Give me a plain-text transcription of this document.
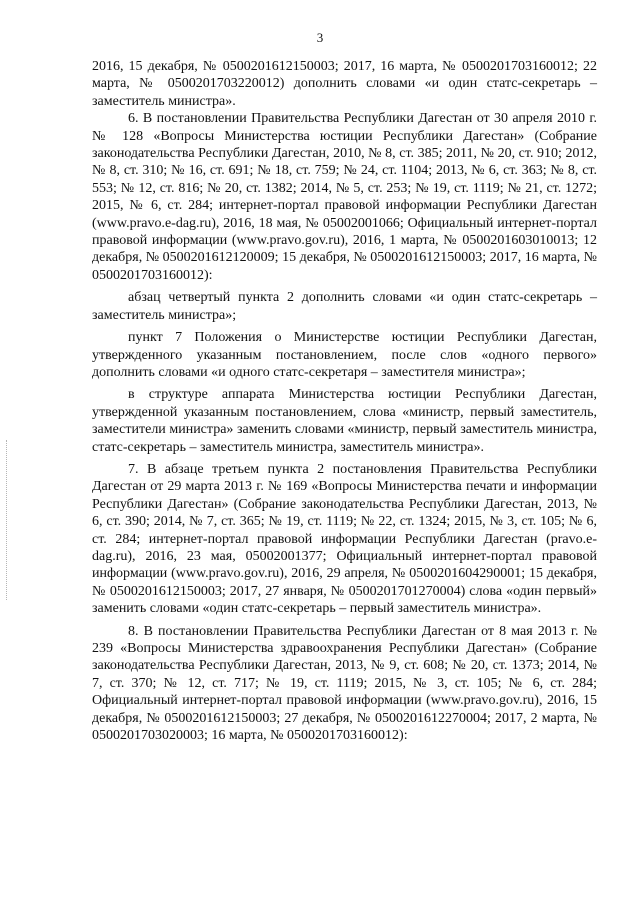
3

2016, 15 декабря, № 0500201612150003; 2017, 16 марта, № 0500201703160012; 22 марта, № 0500201703220012) дополнить словами «и один статс-секретарь – заместитель министра».

6. В постановлении Правительства Республики Дагестан от 30 апреля 2010 г. № 128 «Вопросы Министерства юстиции Республики Дагестан» (Собрание законодательства Республики Дагестан, 2010, № 8, ст. 385; 2011, № 20, ст. 910; 2012, № 8, ст. 310; № 16, ст. 691; № 18, ст. 759; № 24, ст. 1104; 2013, № 6, ст. 363; № 8, ст. 553; № 12, ст. 816; № 20, ст. 1382; 2014, № 5, ст. 253; № 19, ст. 1119; № 21, ст. 1272; 2015, № 6, ст. 284; интернет-портал правовой информации Республики Дагестан (www.pravo.e-dag.ru), 2016, 18 мая, № 05002001066; Официальный интернет-портал правовой информации (www.pravo.gov.ru), 2016, 1 марта, № 0500201603010013; 12 декабря, № 0500201612120009; 15 декабря, № 0500201612150003; 2017, 16 марта, № 0500201703160012):

абзац четвертый пункта 2 дополнить словами «и один статс-секретарь – заместитель министра»;

пункт 7 Положения о Министерстве юстиции Республики Дагестан, утвержденного указанным постановлением, после слов «одного первого» дополнить словами «и одного статс-секретаря – заместителя министра»;

в структуре аппарата Министерства юстиции Республики Дагестан, утвержденной указанным постановлением, слова «министр, первый заместитель, заместители министра» заменить словами «министр, первый заместитель министра, статс-секретарь – заместитель министра, заместитель министра».

7. В абзаце третьем пункта 2 постановления Правительства Республики Дагестан от 29 марта 2013 г. № 169 «Вопросы Министерства печати и информации Республики Дагестан» (Собрание законодательства Республики Дагестан, 2013, № 6, ст. 390; 2014, № 7, ст. 365; № 19, ст. 1119; № 22, ст. 1324; 2015, № 3, ст. 105; № 6, ст. 284; интернет-портал правовой информации Республики Дагестан (pravo.e-dag.ru), 2016, 23 мая, 05002001377; Официальный интернет-портал правовой информации (www.pravo.gov.ru), 2016, 29 апреля, № 0500201604290001; 15 декабря, № 0500201612150003; 2017, 27 января, № 0500201701270004) слова «один первый» заменить словами «один статс-секретарь – первый заместитель министра».

8. В постановлении Правительства Республики Дагестан от 8 мая 2013 г. № 239 «Вопросы Министерства здравоохранения Республики Дагестан» (Собрание законодательства Республики Дагестан, 2013, № 9, ст. 608; № 20, ст. 1373; 2014, № 7, ст. 370; № 12, ст. 717; № 19, ст. 1119; 2015, № 3, ст. 105; № 6, ст. 284; Официальный интернет-портал правовой информации (www.pravo.gov.ru), 2016, 15 декабря, № 0500201612150003; 27 декабря, № 0500201612270004; 2017, 2 марта, № 0500201703020003; 16 марта, № 0500201703160012):
